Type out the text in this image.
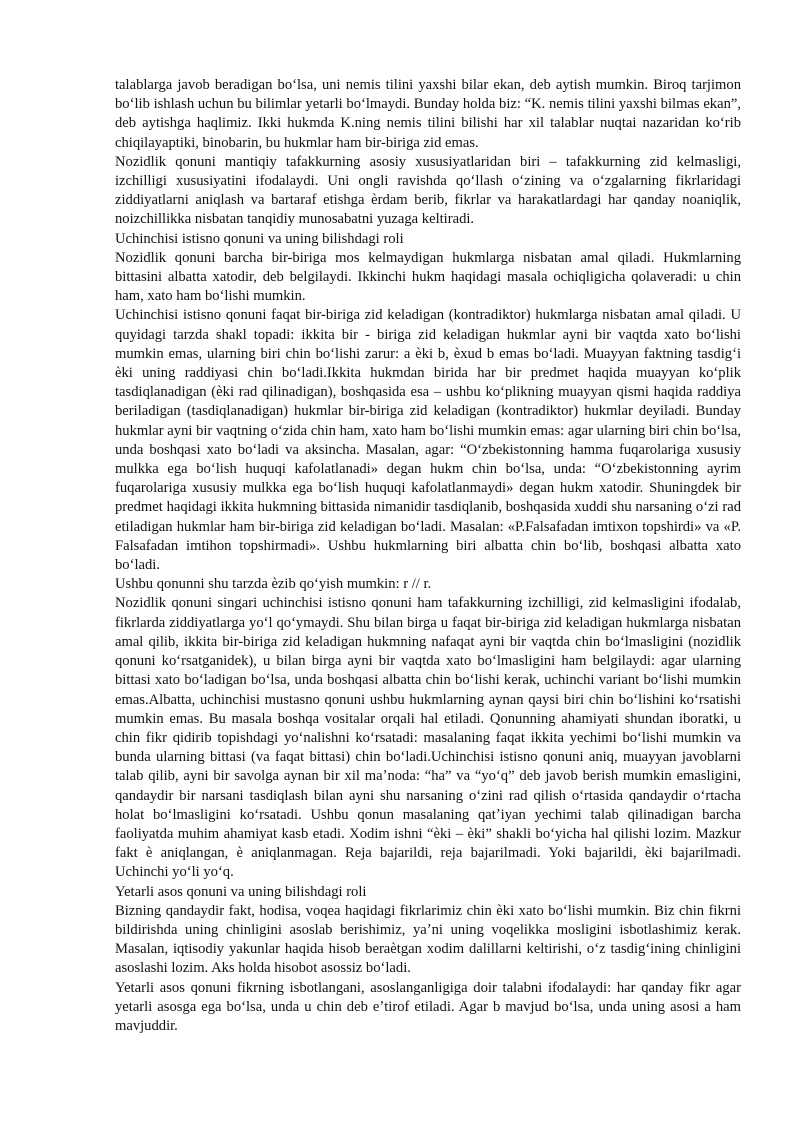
talablarga javob beradigan boʻlsa, uni nemis tilini yaxshi bilar ekan, deb aytish mumkin. Biroq tarjimon boʻlib ishlash uchun bu bilimlar yetarli boʻlmaydi. Bunday holda biz: “K. nemis tilini yaxshi bilmas ekan”, deb aytishga haqlimiz. Ikki hukmda K.ning nemis tilini bilishi har xil talablar nuqtai nazaridan koʻrib chiqilayaptiki, binobarin, bu hukmlar ham bir-biriga zid emas.

Nozidlik qonuni mantiqiy tafakkurning asosiy xususiyatlaridan biri – tafakkurning zid kelmasligi, izchilligi xususiyatini ifodalaydi. Uni ongli ravishda qoʻllash oʻzining va oʻzgalarning fikrlaridagi ziddiyatlarni aniqlash va bartaraf etishga èrdam berib, fikrlar va harakatlardagi har qanday noaniqlik, noizchillikka nisbatan tanqidiy munosabatni yuzaga keltiradi.

Uchinchisi istisno qonuni va uning bilishdagi roli

Nozidlik qonuni barcha bir-biriga mos kelmaydigan hukmlarga nisbatan amal qiladi. Hukmlarning bittasini albatta xatodir, deb belgilaydi. Ikkinchi hukm haqidagi masala ochiqligicha qolaveradi: u chin ham, xato ham boʻlishi mumkin.

Uchinchisi istisno qonuni faqat bir-biriga zid keladigan (kontradiktor) hukmlarga nisbatan amal qiladi. U quyidagi tarzda shakl topadi: ikkita bir - biriga zid keladigan hukmlar ayni bir vaqtda xato boʻlishi mumkin emas, ularning biri chin boʻlishi zarur: a èki b, èxud b emas boʻladi. Muayyan faktning tasdigʻi èki uning raddiyasi chin boʻladi.Ikkita hukmdan birida har bir predmet haqida muayyan koʻplik tasdiqlanadigan (èki rad qilinadigan), boshqasida esa – ushbu koʻplikning muayyan qismi haqida raddiya beriladigan (tasdiqlanadigan) hukmlar bir-biriga zid keladigan (kontradiktor) hukmlar deyiladi. Bunday hukmlar ayni bir vaqtning oʻzida chin ham, xato ham boʻlishi mumkin emas: agar ularning biri chin boʻlsa, unda boshqasi xato boʻladi va aksincha. Masalan, agar: “Oʻzbekistonning hamma fuqarolariga xususiy mulkka ega boʻlish huquqi kafolatlanadi» degan hukm chin boʻlsa, unda: “Oʻzbekistonning ayrim fuqarolariga xususiy mulkka ega boʻlish huquqi kafolatlanmaydi» degan hukm xatodir. Shuningdek bir predmet haqidagi ikkita hukmning bittasida nimanidir tasdiqlanib, boshqasida xuddi shu narsaning oʻzi rad etiladigan hukmlar ham bir-biriga zid keladigan boʻladi. Masalan: «P.Falsafadan imtixon topshirdi» va «P. Falsafadan imtihon topshirmadi». Ushbu hukmlarning biri albatta chin boʻlib, boshqasi albatta xato boʻladi.

Ushbu qonunni shu tarzda èzib qoʻyish mumkin: r // r.

Nozidlik qonuni singari uchinchisi istisno qonuni ham tafakkurning izchilligi, zid kelmasligini ifodalab, fikrlarda ziddiyatlarga yoʻl qoʻymaydi. Shu bilan birga u faqat bir-biriga zid keladigan hukmlarga nisbatan amal qilib, ikkita bir-biriga zid keladigan hukmning nafaqat ayni bir vaqtda chin boʻlmasligini (nozidlik qonuni koʻrsatganidek), u bilan birga ayni bir vaqtda xato boʻlmasligini ham belgilaydi: agar ularning bittasi xato boʻladigan boʻlsa, unda boshqasi albatta chin boʻlishi kerak, uchinchi variant boʻlishi mumkin emas.Albatta, uchinchisi mustasno qonuni ushbu hukmlarning aynan qaysi biri chin boʻlishini koʻrsatishi mumkin emas. Bu masala boshqa vositalar orqali hal etiladi. Qonunning ahamiyati shundan iboratki, u chin fikr qidirib topishdagi yoʻnalishni koʻrsatadi: masalaning faqat ikkita yechimi boʻlishi mumkin va bunda ularning bittasi (va faqat bittasi) chin boʻladi.Uchinchisi istisno qonuni aniq, muayyan javoblarni talab qilib, ayni bir savolga aynan bir xil maʼnoda: “ha” va “yoʻq” deb javob berish mumkin emasligini, qandaydir bir narsani tasdiqlash bilan ayni shu narsaning oʻzini rad qilish oʻrtasida qandaydir oʻrtacha holat boʻlmasligini koʻrsatadi. Ushbu qonun masalaning qatʼiyan yechimi talab qilinadigan barcha faoliyatda muhim ahamiyat kasb etadi. Xodim ishni “èki – èki” shakli boʻyicha hal qilishi lozim. Mazkur fakt è aniqlangan, è aniqlanmagan. Reja bajarildi, reja bajarilmadi. Yoki bajarildi, èki bajarilmadi. Uchinchi yoʻli yoʻq.

Yetarli asos qonuni va uning bilishdagi roli

Bizning qandaydir fakt, hodisa, voqea haqidagi fikrlarimiz chin èki xato boʻlishi mumkin. Biz chin fikrni bildirishda uning chinligini asoslab berishimiz, yaʼni uning voqelikka mosligini isbotlashimiz kerak. Masalan, iqtisodiy yakunlar haqida hisob beraètgan xodim dalillarni keltirishi, oʻz tasdigʻining chinligini asoslashi lozim. Aks holda hisobot asossiz boʻladi.

Yetarli asos qonuni fikrning isbotlangani, asoslanganligiga doir talabni ifodalaydi: har qanday fikr agar yetarli asosga ega boʻlsa, unda u chin deb eʼtirof etiladi. Agar b mavjud boʻlsa, unda uning asosi a ham mavjuddir.
